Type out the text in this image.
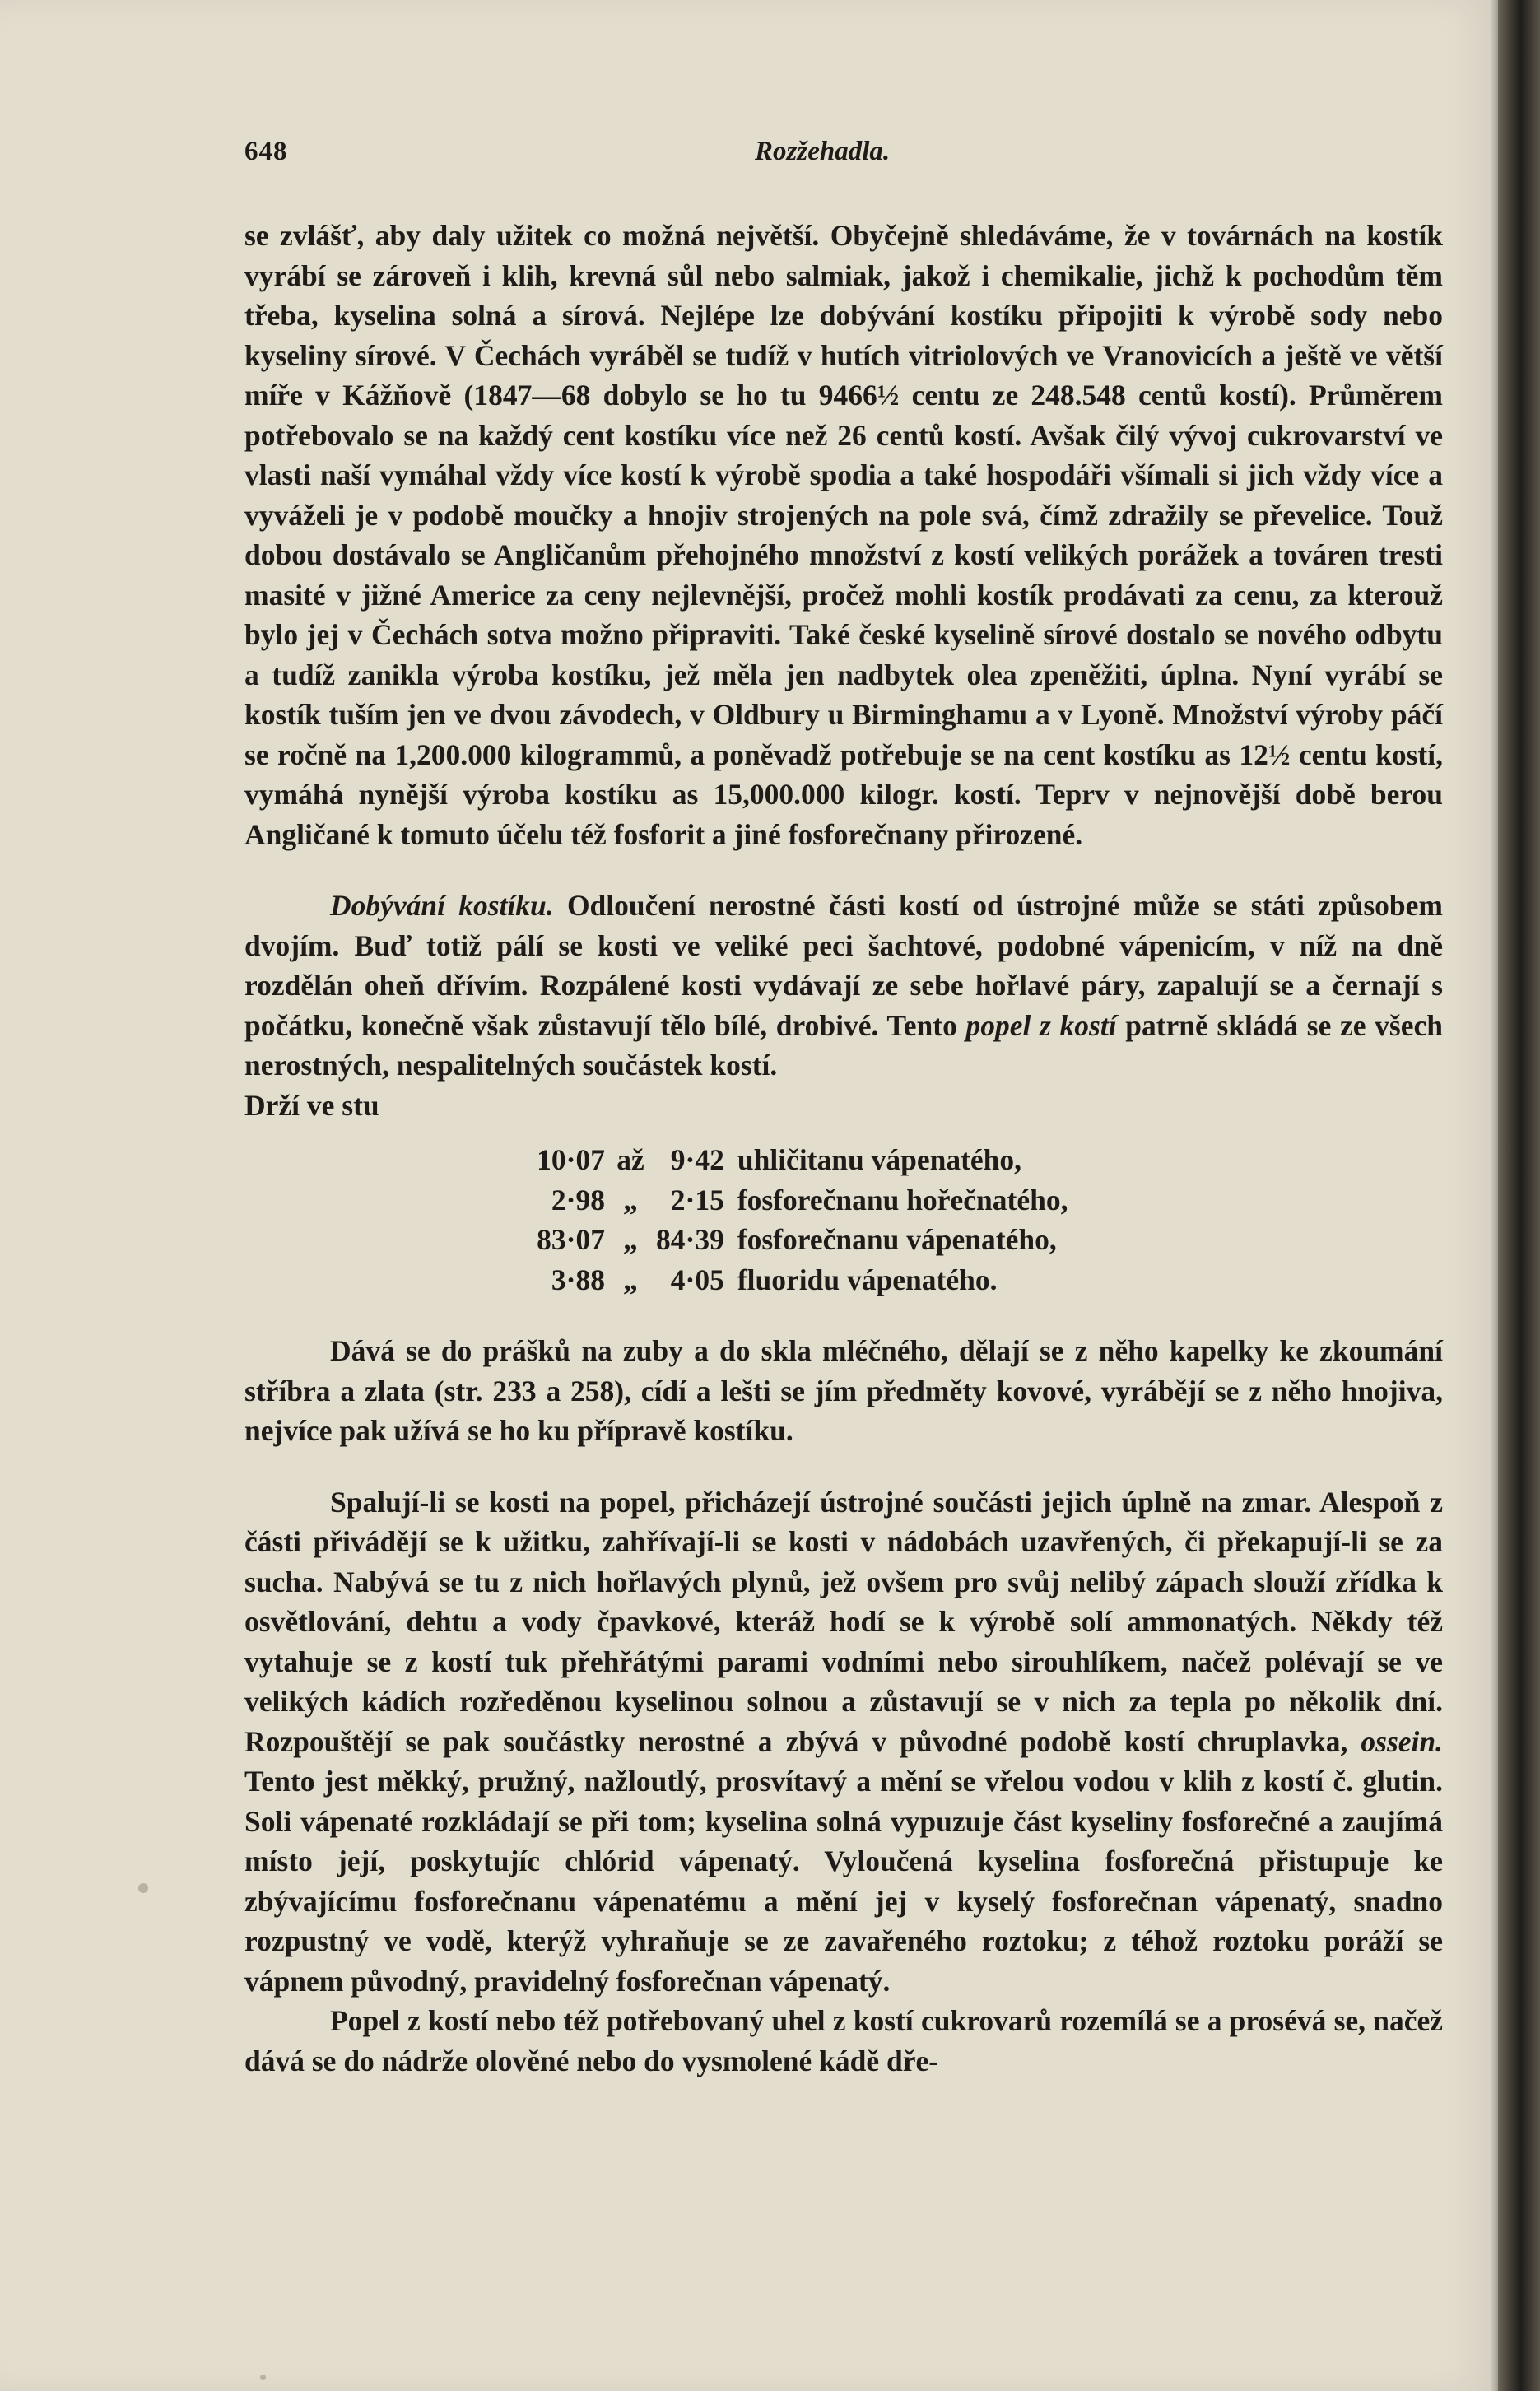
648	Rozžehadla.

se zvlášť, aby daly užitek co možná největší. Obyčejně shledáváme, že v továrnách na kostík vyrábí se zároveň i klih, krevná sůl nebo salmiak, jakož i chemikalie, jichž k pochodům těm třeba, kyselina solná a sírová. Nejlépe lze dobývání kostíku připojiti k výrobě sody nebo kyseliny sírové. V Čechách vyráběl se tudíž v hutích vitriolových ve Vranovicích a ještě ve větší míře v Kážňově (1847—68 dobylo se ho tu 9466½ centu ze 248.548 centů kostí). Průměrem potřebovalo se na každý cent kostíku více než 26 centů kostí. Avšak čilý vývoj cukrovarství ve vlasti naší vymáhal vždy více kostí k výrobě spodia a také hospodáři všímali si jich vždy více a vyváželi je v podobě moučky a hnojiv strojených na pole svá, čímž zdražily se převelice. Touž dobou dostávalo se Angličanům přehojného množství z kostí velikých porážek a továren tresti masité v jižné Americe za ceny nejlevnější, pročež mohli kostík prodávati za cenu, za kterouž bylo jej v Čechách sotva možno připraviti. Také české kyselině sírové dostalo se nového odbytu a tudíž zanikla výroba kostíku, jež měla jen nadbytek olea zpeněžiti, úplna. Nyní vyrábí se kostík tuším jen ve dvou závodech, v Oldbury u Birminghamu a v Lyoně. Množství výroby páčí se ročně na 1,200.000 kilogrammů, a poněvadž potřebuje se na cent kostíku as 12½ centu kostí, vymáhá nynější výroba kostíku as 15,000.000 kilogr. kostí. Teprv v nejnovější době berou Angličané k tomuto účelu též fosforit a jiné fosforečnany přirozené.

Dobývání kostíku. Odloučení nerostné části kostí od ústrojné může se státi způsobem dvojím. Buď totiž pálí se kosti ve veliké peci šachtové, podobné vápenicím, v níž na dně rozdělán oheň dřívím. Rozpálené kosti vydávají ze sebe hořlavé páry, zapalují se a černají s počátku, konečně však zůstavují tělo bílé, drobivé. Tento popel z kostí patrně skládá se ze všech nerostných, nespalitelných součástek kostí.

Drží ve stu

10·07	až	9·42	uhličitanu vápenatého,
2·98	„	2·15	fosforečnanu hořečnatého,
83·07	„	84·39	fosforečnanu vápenatého,
3·88	„	4·05	fluoridu vápenatého.

Dává se do prášků na zuby a do skla mléčného, dělají se z něho kapelky ke zkoumání stříbra a zlata (str. 233 a 258), cídí a lešti se jím předměty kovové, vyrábějí se z něho hnojiva, nejvíce pak užívá se ho ku přípravě kostíku.

Spalují-li se kosti na popel, přicházejí ústrojné součásti jejich úplně na zmar. Alespoň z části přivádějí se k užitku, zahřívají-li se kosti v nádobách uzavřených, či překapují-li se za sucha. Nabývá se tu z nich hořlavých plynů, jež ovšem pro svůj nelibý zápach slouží zřídka k osvětlování, dehtu a vody čpavkové, kteráž hodí se k výrobě solí ammonatých. Někdy též vytahuje se z kostí tuk přehřátými parami vodními nebo sirouhlíkem, načež polévají se ve velikých kádích rozředěnou kyselinou solnou a zůstavují se v nich za tepla po několik dní. Rozpouštějí se pak součástky nerostné a zbývá v původné podobě kostí chruplavka, ossein. Tento jest měkký, pružný, nažloutlý, prosvítavý a mění se vřelou vodou v klih z kostí č. glutin. Soli vápenaté rozkládají se při tom; kyselina solná vypuzuje část kyseliny fosforečné a zaujímá místo její, poskytujíc chlórid vápenatý. Vyloučená kyselina fosforečná přistupuje ke zbývajícímu fosforečnanu vápenatému a mění jej v kyselý fosforečnan vápenatý, snadno rozpustný ve vodě, kterýž vyhraňuje se ze zavařeného roztoku; z téhož roztoku poráží se vápnem původný, pravidelný fosforečnan vápenatý.

Popel z kostí nebo též potřebovaný uhel z kostí cukrovarů rozemílá se a prosévá se, načež dává se do nádrže olověné nebo do vysmolené kádě dře-
